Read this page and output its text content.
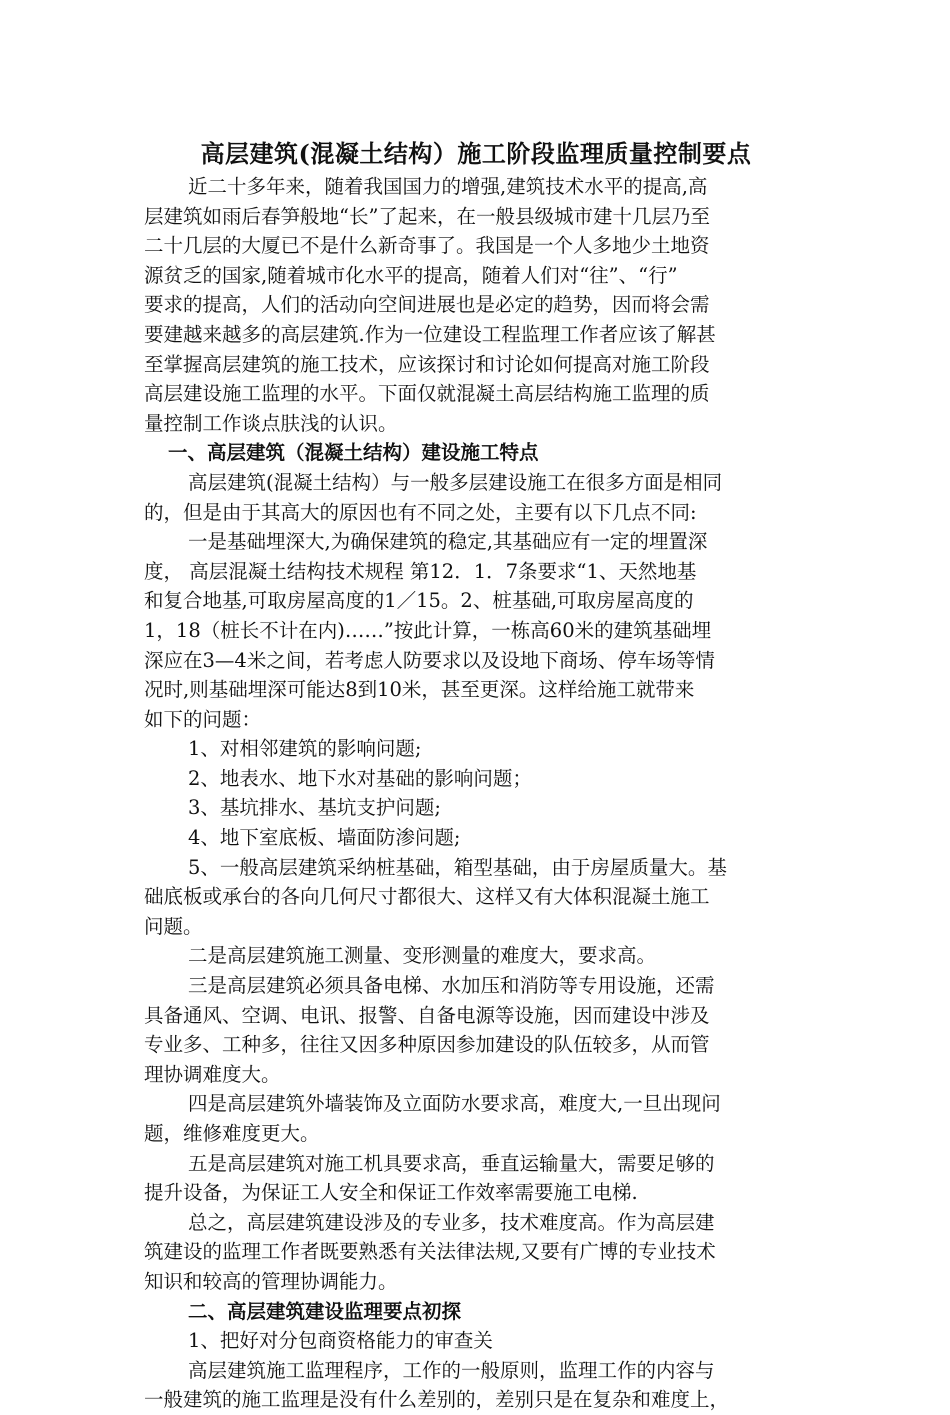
高层建筑(混凝土结构）施工阶段监理质量控制要点
近二十多年来，随着我国国力的增强,建筑技术水平的提高,高
层建筑如雨后春笋般地“长”了起来，在一般县级城市建十几层乃至
二十几层的大厦已不是什么新奇事了。我国是一个人多地少土地资
源贫乏的国家,随着城市化水平的提高，随着人们对“往”、“行”
要求的提高，人们的活动向空间进展也是必定的趋势，因而将会需
要建越来越多的高层建筑.作为一位建设工程监理工作者应该了解甚
至掌握高层建筑的施工技术，应该探讨和讨论如何提高对施工阶段
高层建设施工监理的水平。下面仅就混凝土高层结构施工监理的质
量控制工作谈点肤浅的认识。
一、高层建筑（混凝土结构）建设施工特点
高层建筑(混凝土结构）与一般多层建设施工在很多方面是相同
的，但是由于其高大的原因也有不同之处，主要有以下几点不同:
一是基础埋深大,为确保建筑的稳定,其基础应有一定的埋置深
度， 高层混凝土结构技术规程 第12．1．7条要求“1、天然地基
和复合地基,可取房屋高度的1／15。2、桩基础,可取房屋高度的
1，18（桩长不计在内)……”按此计算，一栋高60米的建筑基础埋
深应在3—4米之间，若考虑人防要求以及设地下商场、停车场等情
况时,则基础埋深可能达8到10米，甚至更深。这样给施工就带来
如下的问题：
1、对相邻建筑的影响问题;
2、地表水、地下水对基础的影响问题；
3、基坑排水、基坑支护问题;
4、地下室底板、墙面防渗问题;
5、一般高层建筑采纳桩基础，箱型基础，由于房屋质量大。基
础底板或承台的各向几何尺寸都很大、这样又有大体积混凝土施工
问题。
二是高层建筑施工测量、变形测量的难度大，要求高。
三是高层建筑必须具备电梯、水加压和消防等专用设施，还需
具备通风、空调、电讯、报警、自备电源等设施，因而建设中涉及
专业多、工种多，往往又因多种原因参加建设的队伍较多，从而管
理协调难度大。
四是高层建筑外墙装饰及立面防水要求高，难度大,一旦出现问
题，维修难度更大。
五是高层建筑对施工机具要求高，垂直运输量大，需要足够的
提升设备，为保证工人安全和保证工作效率需要施工电梯.
总之，高层建筑建设涉及的专业多，技术难度高。作为高层建
筑建设的监理工作者既要熟悉有关法律法规,又要有广博的专业技术
知识和较高的管理协调能力。
二、高层建筑建设监理要点初探
1、把好对分包商资格能力的审查关
高层建筑施工监理程序，工作的一般原则，监理工作的内容与
一般建筑的施工监理是没有什么差别的，差别只是在复杂和难度上，
